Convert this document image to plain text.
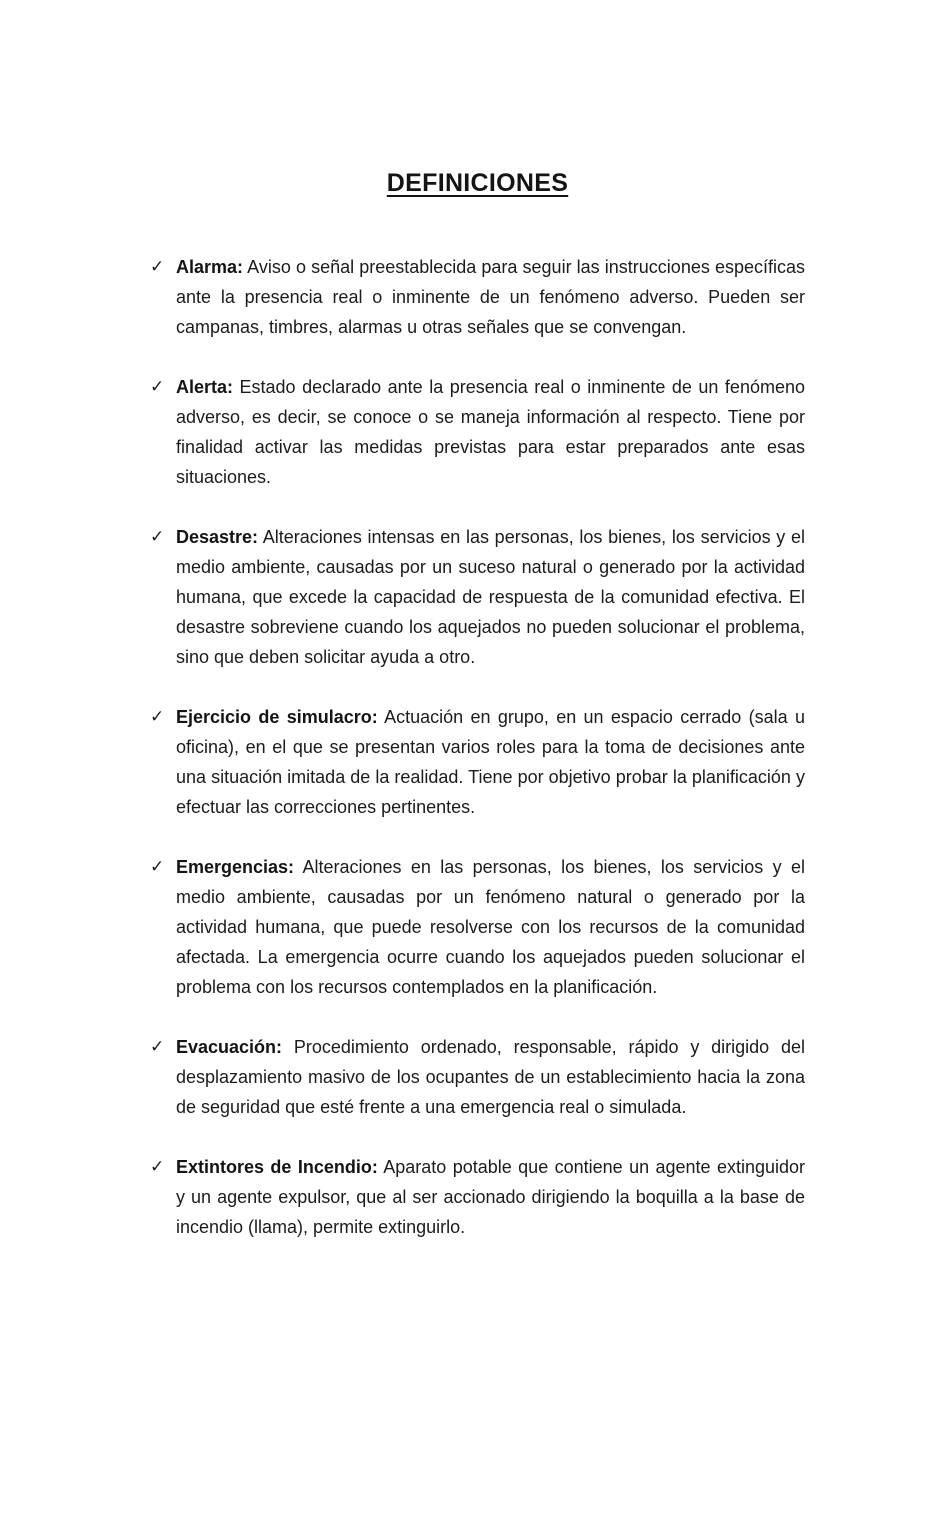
DEFINICIONES
✓ Alarma: Aviso o señal preestablecida para seguir las instrucciones específicas ante la presencia real o inminente de un fenómeno adverso. Pueden ser campanas, timbres, alarmas u otras señales que se convengan.
✓ Alerta: Estado declarado ante la presencia real o inminente de un fenómeno adverso, es decir, se conoce o se maneja información al respecto. Tiene por finalidad activar las medidas previstas para estar preparados ante esas situaciones.
✓ Desastre: Alteraciones intensas en las personas, los bienes, los servicios y el medio ambiente, causadas por un suceso natural o generado por la actividad humana, que excede la capacidad de respuesta de la comunidad efectiva. El desastre sobreviene cuando los aquejados no pueden solucionar el problema, sino que deben solicitar ayuda a otro.
✓ Ejercicio de simulacro: Actuación en grupo, en un espacio cerrado (sala u oficina), en el que se presentan varios roles para la toma de decisiones ante una situación imitada de la realidad. Tiene por objetivo probar la planificación y efectuar las correcciones pertinentes.
✓ Emergencias: Alteraciones en las personas, los bienes, los servicios y el medio ambiente, causadas por un fenómeno natural o generado por la actividad humana, que puede resolverse con los recursos de la comunidad afectada. La emergencia ocurre cuando los aquejados pueden solucionar el problema con los recursos contemplados en la planificación.
✓ Evacuación: Procedimiento ordenado, responsable, rápido y dirigido del desplazamiento masivo de los ocupantes de un establecimiento hacia la zona de seguridad que esté frente a una emergencia real o simulada.
✓ Extintores de Incendio: Aparato potable que contiene un agente extinguidor y un agente expulsor, que al ser accionado dirigiendo la boquilla a la base de incendio (llama), permite extinguirlo.
